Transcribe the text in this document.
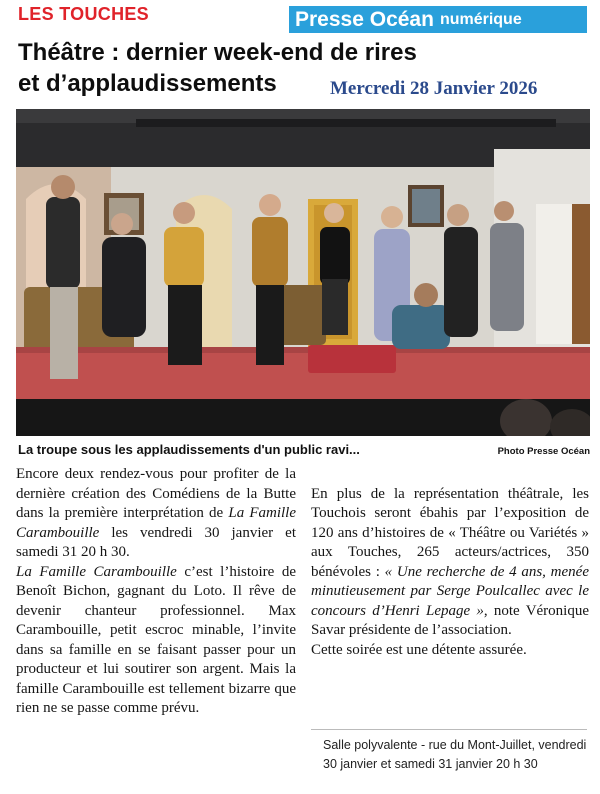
LES TOUCHES	Presse Océan numérique
Théâtre : dernier week-end de rires
et d’applaudissements	Mercredi 28 Janvier 2026
La troupe sous les applaudissements d'un public ravi...	Photo Presse Océan

Encore deux rendez-vous pour profiter de la dernière création des Comédiens de la Butte dans la première interprétation de La Famille Carambouille les vendredi 30 janvier et samedi 31 20 h 30.

La Famille Carambouille c’est l’histoire de Benoît Bichon, gagnant du Loto. Il rêve de devenir chanteur professionnel. Max Carambouille, petit escroc minable, l’invite dans sa famille en se faisant passer pour un producteur et lui soutirer son argent. Mais la famille Carambouille est tellement bizarre que rien ne se passe comme prévu.

En plus de la représentation théâtrale, les Touchois seront ébahis par l’exposition de 120 ans d’histoires de « Théâtre ou Variétés » aux Touches, 265 acteurs/actrices, 350 bénévoles : « Une recherche de 4 ans, menée minutieusement par Serge Poulcallec avec le concours d’Henri Lepage », note Véronique Savar présidente de l’association.

Cette soirée est une détente assurée.

Salle polyvalente - rue du Mont-Juillet, vendredi 30 janvier et samedi 31 janvier 20 h 30
